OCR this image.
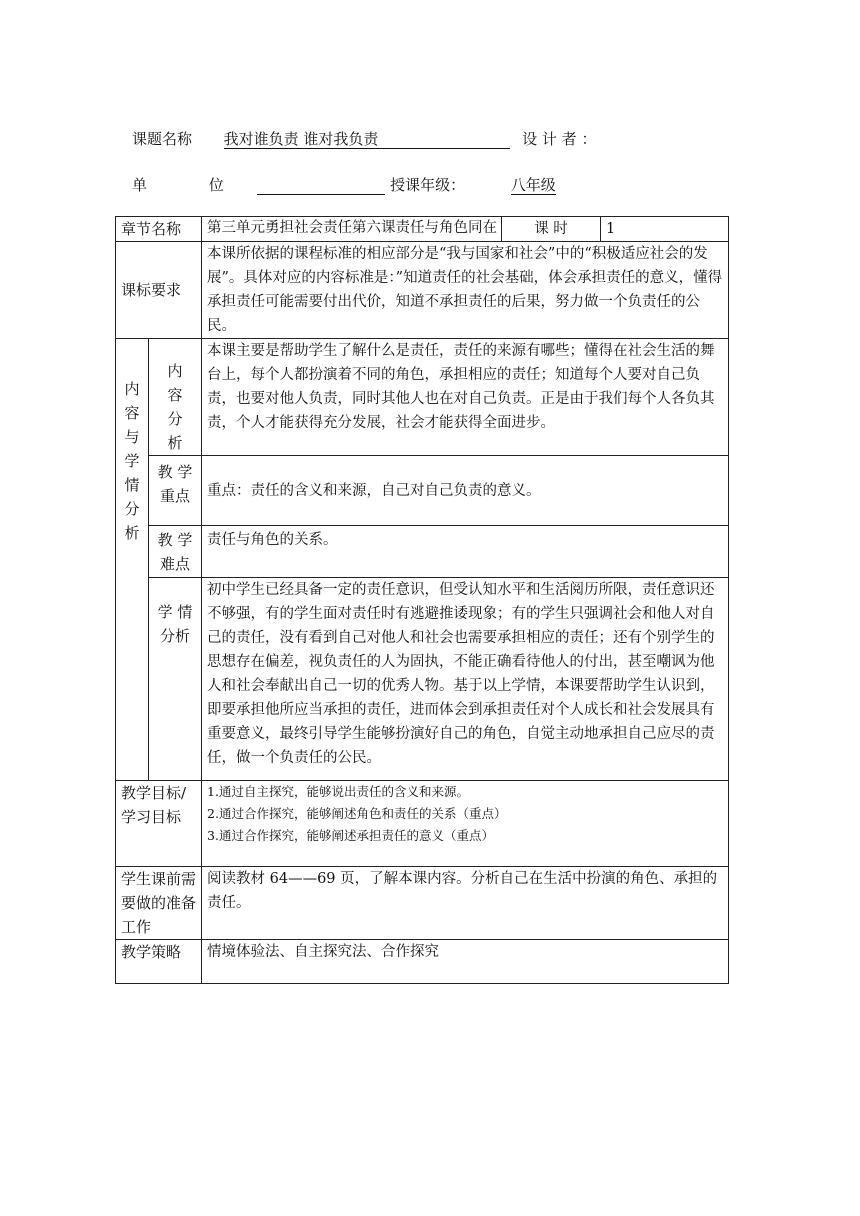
课题名称 我对谁负责 谁对我负责	设 计 者 ：
单　 位	授课年级：	八年级
章节名称		第三单元勇担社会责任第六课责任与角色同在	课 时	1
课标要求		本课所依据的课程标准的相应部分是“我与国家和社会”中的“积极适应社会的发展”。具体对应的内容标准是：”知道责任的社会基础，体会承担责任的意义，懂得承担责任可能需要付出代价，知道不承担责任的后果，努力做一个负责任的公民。		
内容与学情分析	内容分析	本课主要是帮助学生了解什么是责任，责任的来源有哪些；懂得在社会生活的舞台上，每个人都扮演着不同的角色，承担相应的责任；知道每个人要对自己负责，也要对他人负责，同时其他人也在对自己负责。正是由于我们每个人各负其责，个人才能获得充分发展，社会才能获得全面进步。		
	教 学重点	重点：责任的含义和来源，自己对自己负责的意义。		
	教 学难点	责任与角色的关系。		
	学 情分析	初中学生已经具备一定的责任意识，但受认知水平和生活阅历所限，责任意识还不够强，有的学生面对责任时有逃避推诿现象；有的学生只强调社会和他人对自己的责任，没有看到自己对他人和社会也需要承担相应的责任；还有个别学生的思想存在偏差，视负责任的人为固执，不能正确看待他人的付出，甚至嘲讽为他人和社会奉献出自己一切的优秀人物。基于以上学情，本课要帮助学生认识到，即要承担他所应当承担的责任，进而体会到承担责任对个人成长和社会发展具有重要意义，最终引导学生能够扮演好自己的角色，自觉主动地承担自己应尽的责任，做一个负责任的公民。		
教学目标/学习目标		1.通过自主探究，能够说出责任的含义和来源。
2.通过合作探究，能够阐述角色和责任的关系（重点）
3.通过合作探究，能够阐述承担责任的意义（重点）		

学生课前需要做的准备工作		阅读教材 64——69 页，了解本课内容。分析自己在生活中扮演的角色、承担的责任。		
教学策略		情境体验法、自主探究法、合作探究		
